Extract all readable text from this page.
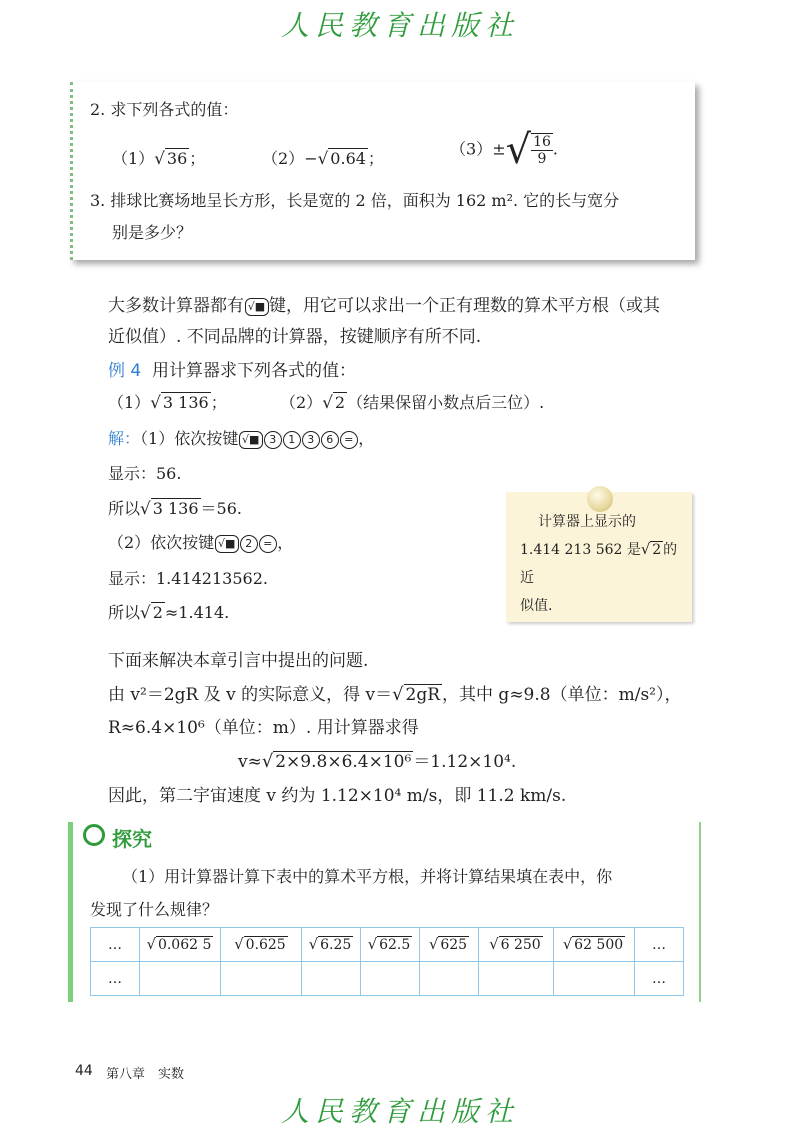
人民教育出版社
2. 求下列各式的值：
（1）√ 36 ；	（2）−√ 0.64 ；	$(3)\pm√ \frac{16}{9}$ .
3. 排球比赛场地呈长方形，长是宽的 2 倍，面积为 162 m². 它的长与宽分
别是多少？
大多数计算器都有 √■ 键，用它可以求出一个正有理数的算术平方根（或其
近似值）. 不同品牌的计算器，按键顺序有所不同.
例 4 用计算器求下列各式的值：
（1）√ 3 136 ；	（2）√ 2 （结果保留小数点后三位）.
解：（1）依次按键 √■ 3 1 3 6 = ，
显示：56.
所以√ 3 136 ＝56.
（2）依次按键 √■ 2 = ，
显示：1.414213562.
所以√ 2 ≈1.414.
计算器上显示的
1.414 213 562 是√ 2 的近
似值.
下面来解决本章引言中提出的问题.
由 v²＝2gR 及 v 的实际意义，得 v＝√ 2gR ，其中 g≈9.8（单位：m/s²），
R≈6.4×10⁶（单位：m）. 用计算器求得
v≈√ 2×9.8×6.4×10⁶ ＝1.12×10⁴.
因此，第二宇宙速度 v 约为 1.12×10⁴ m/s，即 11.2 km/s.
探究
（1）用计算器计算下表中的算术平方根，并将计算结果填在表中，你
发现了什么规律？
…	√ 0.062 5	√ 0.625	√ 6.25	√ 62.5	√ 625	√ 6 250	√ 62 500	…
…								…
44 第八章　实数
人民教育出版社
